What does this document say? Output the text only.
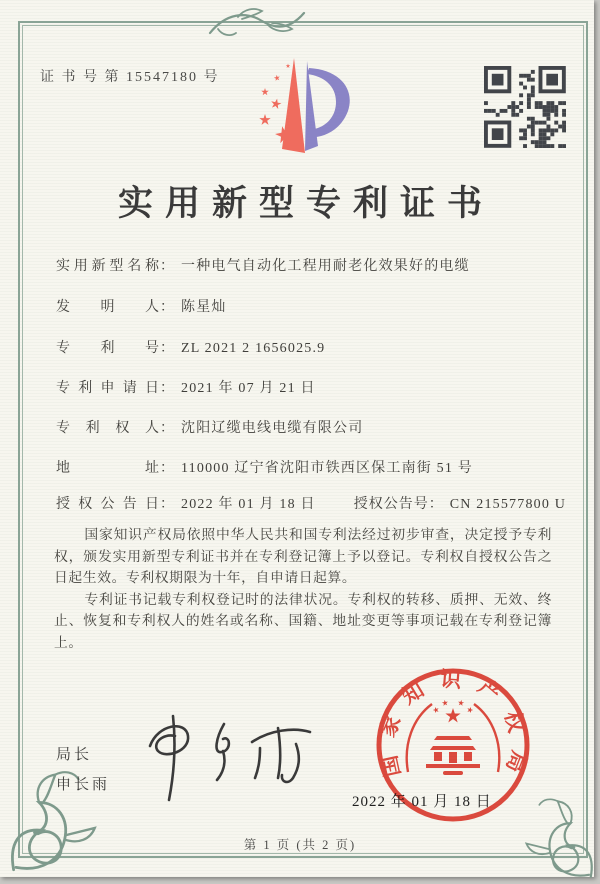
证 书 号 第 15547180 号
实用新型专利证书
实用新型名称： 一种电气自动化工程用耐老化效果好的电缆
发明人： 陈星灿
专利号： ZL 2021 2 1656025.9
专利申请日： 2021 年 07 月 21 日
专利权人： 沈阳辽缆电线电缆有限公司
地址： 110000 辽宁省沈阳市铁西区保工南街 51 号
授权公告日： 2022 年 01 月 18 日	授权公告号： CN 215577800 U

国家知识产权局依照中华人民共和国专利法经过初步审查，决定授予专利权，颁发实用新型专利证书并在专利登记簿上予以登记。专利权自授权公告之日起生效。专利权期限为十年，自申请日起算。

专利证书记载专利权登记时的法律状况。专利权的转移、质押、无效、终止、恢复和专利权人的姓名或名称、国籍、地址变更等事项记载在专利登记簿上。

局长
申长雨
2022 年 01 月 18 日
国家知识产权局
第 1 页 (共 2 页)
